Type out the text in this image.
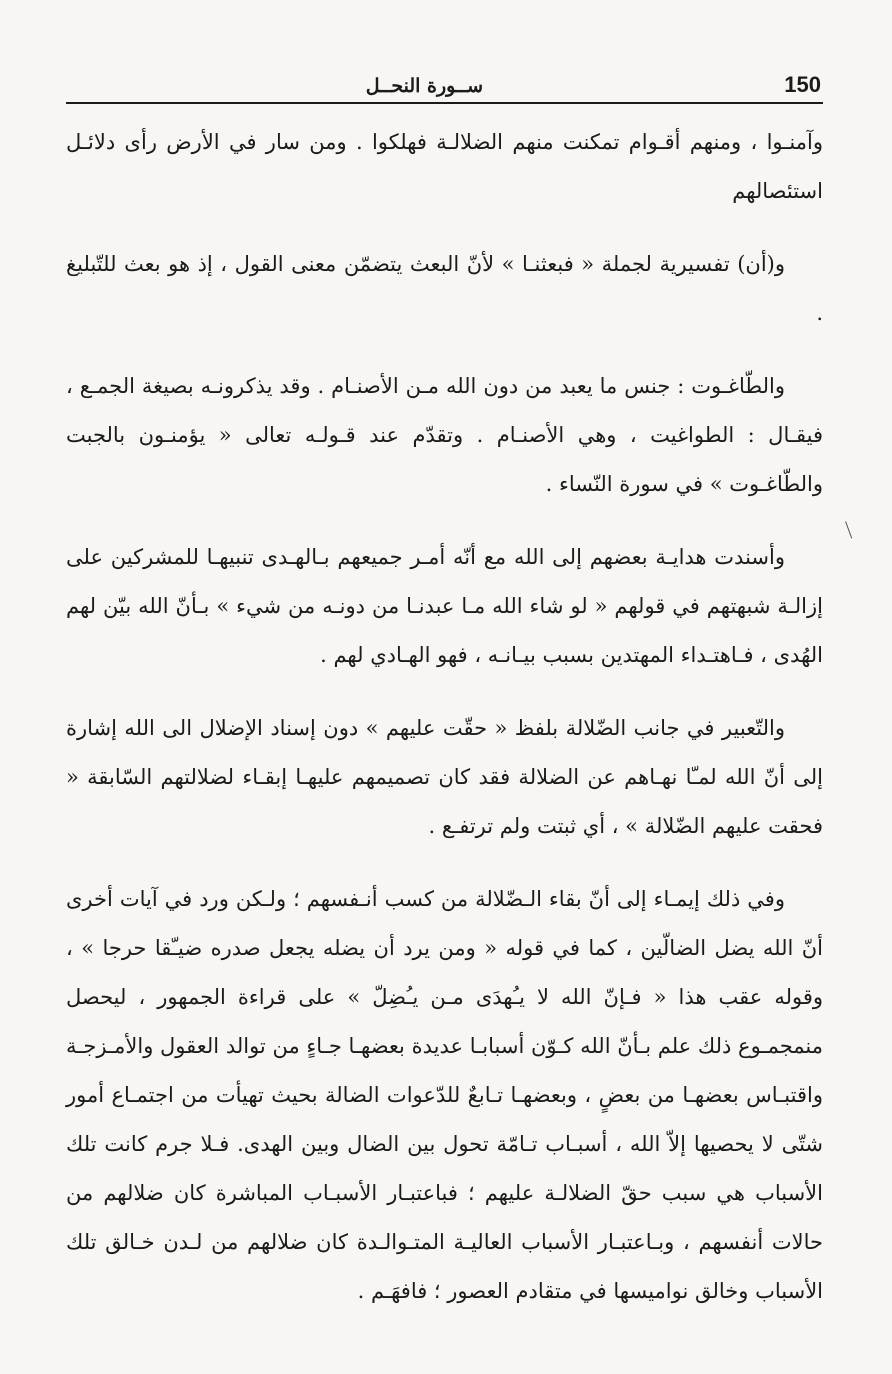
150
ســورة النحــل

وآمنـوا ، ومنهم أقـوام تمكنت منهم الضلالـة فهلكوا . ومن سار في الأرض رأى دلائـل استئصالهم

و(أن) تفسيرية لجملة « فبعثنـا » لأنّ البعث يتضمّن معنى القول ، إذ هو بعث للتّبليغ .

والطّاغـوت : جنس ما يعبد من دون الله مـن الأصنـام . وقد يذكرونـه بصيغة الجمـع ، فيقـال : الطواغيت ، وهي الأصنـام . وتقدّم عند قـولـه تعالى « يؤمنـون بالجبت والطّاغـوت » في سورة النّساء .

وأسندت هدايـة بعضهم إلى الله مع أنّه أمـر جميعهم بـالهـدى تنبيهـا للمشركين على إزالـة شبهتهم في قولهم « لو شاء الله مـا عبدنـا من دونـه من شيء » بـأنّ الله بيّن لهم الهُدى ، فـاهتـداء المهتدين بسبب بيـانـه ، فهو الهـادي لهم .

والتّعبير في جانب الضّلالة بلفظ « حقّت عليهم » دون إسناد الإضلال الى الله إشارة إلى أنّ الله لمـّا نهـاهم عن الضلالة فقد كان تصميمهم عليهـا إبقـاء لضلالتهم السّابقة « فحقت عليهم الضّلالة » ، أي ثبتت ولم ترتفـع .

وفي ذلك إيمـاء إلى أنّ بقاء الـضّلالة من كسب أنـفسهم ؛ ولـكن ورد في آيات أخرى أنّ الله يضل الضالّين ، كما في قوله « ومن يرد أن يضله يجعل صدره ضيـّقا حرجا » ، وقوله عقب هذا « فـإنّ الله لا يـُهدَى مـن يـُضِلّ » على قراءة الجمهور ، ليحصل منمجمـوع ذلك علم بـأنّ الله كـوّن أسبابـا عديدة بعضهـا جـاءٍ من توالد العقول والأمـزجـة واقتبـاس بعضهـا من بعضٍ ، وبعضهـا تـابعٌ للدّعوات الضالة بحيث تهيأت من اجتمـاع أمور شتّى لا يحصيها إلاّ الله ، أسبـاب تـامّة تحول بين الضال وبين الهدى. فـلا جرم كانت تلك الأسباب هي سبب حقّ الضلالـة عليهم ؛ فباعتبـار الأسبـاب المباشرة كان ضلالهم من حالات أنفسهم ، وبـاعتبـار الأسباب العاليـة المتـوالـدة كان ضلالهم من لـدن خـالق تلك الأسباب وخالق نواميسها في متقادم العصور ؛ فافهَـم .
